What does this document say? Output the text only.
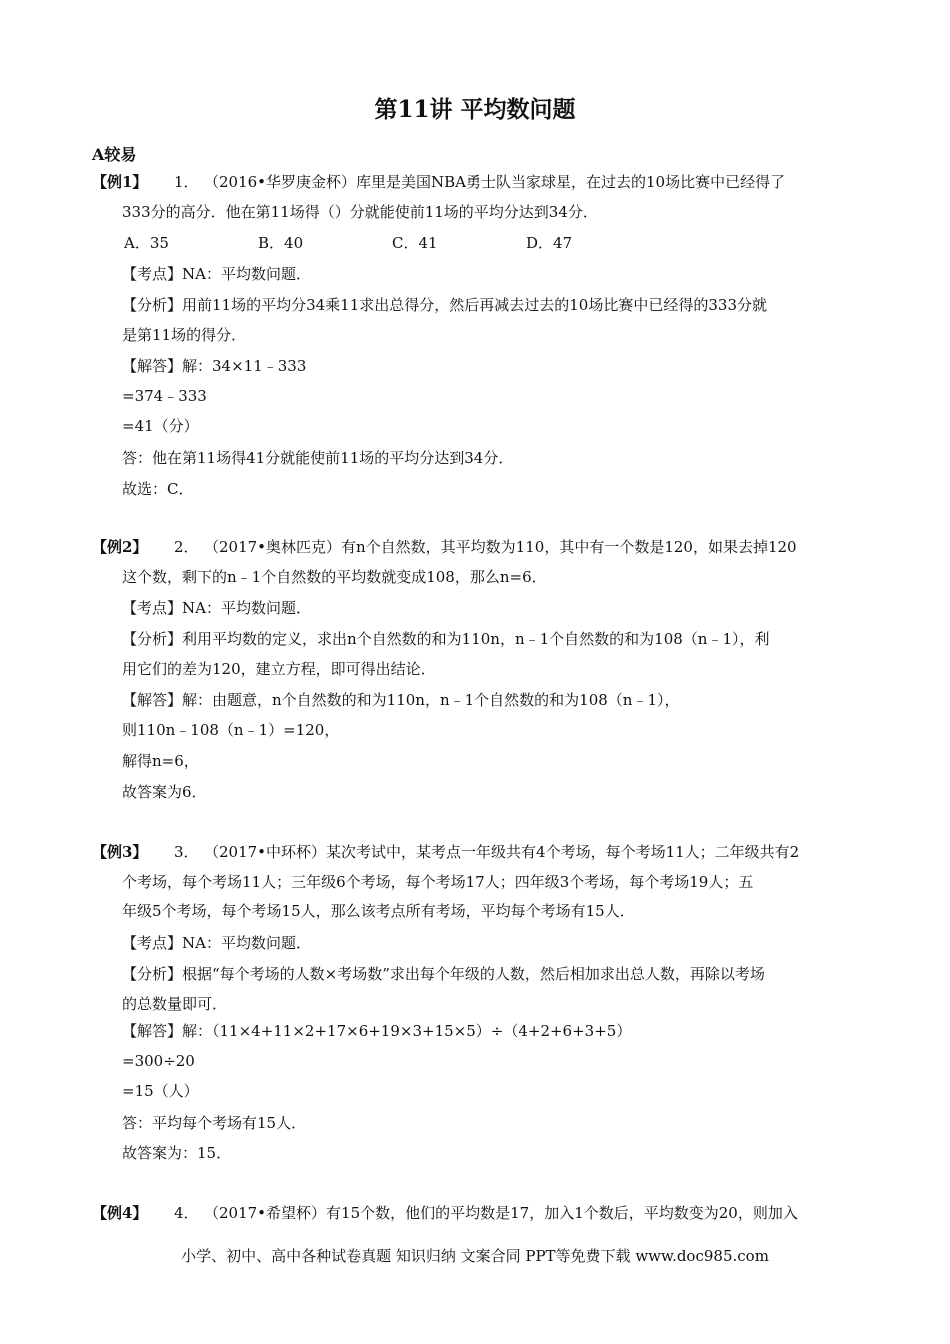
第11讲 平均数问题
A较易
【例1】 1． （2016•华罗庚金杯）库里是美国NBA勇士队当家球星，在过去的10场比赛中已经得了
333分的高分．他在第11场得（）分就能使前11场的平均分达到34分．
A．35	B．40	C．41	D．47
【考点】NA：平均数问题．
【分析】用前11场的平均分34乘11求出总得分，然后再减去过去的10场比赛中已经得的333分就
是第11场的得分．
【解答】解：34×11﹣333
=374﹣333
=41（分）
答：他在第11场得41分就能使前11场的平均分达到34分．
故选：C．
【例2】 2． （2017•奥林匹克）有n个自然数，其平均数为110，其中有一个数是120，如果去掉120
这个数，剩下的n﹣1个自然数的平均数就变成108，那么n=6．
【考点】NA：平均数问题．
【分析】利用平均数的定义，求出n个自然数的和为110n，n﹣1个自然数的和为108（n﹣1），利
用它们的差为120，建立方程，即可得出结论．
【解答】解：由题意，n个自然数的和为110n，n﹣1个自然数的和为108（n﹣1），
则110n﹣108（n﹣1）=120，
解得n=6，
故答案为6．
【例3】 3． （2017•中环杯）某次考试中，某考点一年级共有4个考场，每个考场11人；二年级共有2
个考场，每个考场11人；三年级6个考场，每个考场17人；四年级3个考场，每个考场19人；五
年级5个考场，每个考场15人，那么该考点所有考场，平均每个考场有15人．
【考点】NA：平均数问题．
【分析】根据“每个考场的人数×考场数”求出每个年级的人数，然后相加求出总人数，再除以考场
的总数量即可．
【解答】解：（11×4+11×2+17×6+19×3+15×5）÷（4+2+6+3+5）
=300÷20
=15（人）
答：平均每个考场有15人．
故答案为：15．
【例4】 4． （2017•希望杯）有15个数，他们的平均数是17，加入1个数后，平均数变为20，则加入
小学、初中、高中各种试卷真题 知识归纳 文案合同 PPT等免费下载 www.doc985.com
